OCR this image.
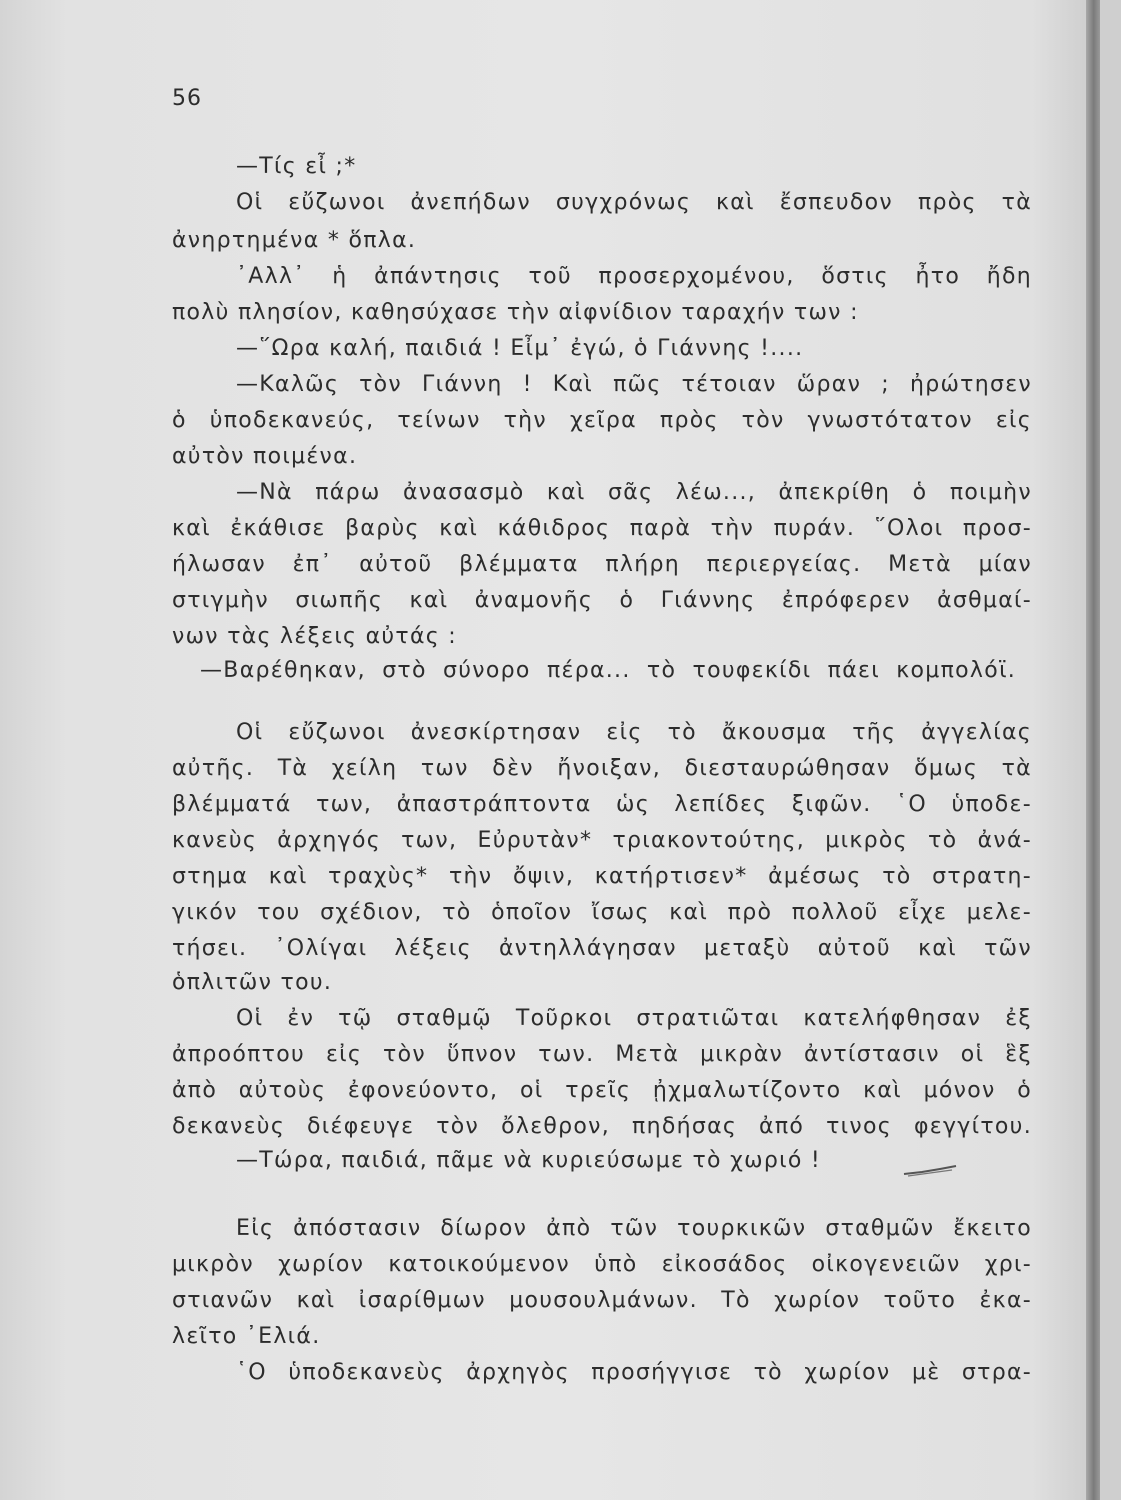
56
—Τίς εἶ ;*
Οἱ εὔζωνοι ἀνεπήδων συγχρόνως καὶ ἔσπευδον πρὸς τὰ
ἀνηρτημένα * ὅπλα.
᾽Αλλ᾽ ἡ ἀπάντησις τοῦ προσερχομένου, ὅστις ἦτο ἤδη
πολὺ πλησίον, καθησύχασε τὴν αἰφνίδιον ταραχήν των :
—῞Ωρα καλή, παιδιά ! Εἶμ᾽ ἐγώ, ὁ Γιάννης !....
—Καλῶς τὸν Γιάννη ! Καὶ πῶς τέτοιαν ὥραν ; ἠρώτησεν
ὁ ὑποδεκανεύς, τείνων τὴν χεῖρα πρὸς τὸν γνωστότατον εἰς
αὐτὸν ποιμένα.
—Νὰ πάρω ἀνασασμὸ καὶ σᾶς λέω..., ἀπεκρίθη ὁ ποιμὴν
καὶ ἐκάθισε βαρὺς καὶ κάθιδρος παρὰ τὴν πυράν. ῞Ολοι προσ-
ήλωσαν ἐπ᾽ αὐτοῦ βλέμματα πλήρη περιεργείας. Μετὰ μίαν
στιγμὴν σιωπῆς καὶ ἀναμονῆς ὁ Γιάννης ἐπρόφερεν ἀσθμαί-
νων τὰς λέξεις αὐτάς :
—Βαρέθηκαν, στὸ σύνορο πέρα... τὸ τουφεκίδι πάει κομπολόϊ.
Οἱ εὔζωνοι ἀνεσκίρτησαν εἰς τὸ ἄκουσμα τῆς ἀγγελίας
αὐτῆς. Τὰ χείλη των δὲν ἤνοιξαν, διεσταυρώθησαν ὅμως τὰ
βλέμματά των, ἀπαστράπτοντα ὡς λεπίδες ξιφῶν. ῾Ο ὑποδε-
κανεὺς ἀρχηγός των, Εὐρυτὰν* τριακοντούτης, μικρὸς τὸ ἀνά-
στημα καὶ τραχὺς* τὴν ὄψιν, κατήρτισεν* ἀμέσως τὸ στρατη-
γικόν του σχέδιον, τὸ ὁποῖον ἴσως καὶ πρὸ πολλοῦ εἶχε μελε-
τήσει. ᾽Ολίγαι λέξεις ἀντηλλάγησαν μεταξὺ αὐτοῦ καὶ τῶν
ὁπλιτῶν του.
Οἱ ἐν τῷ σταθμῷ Τοῦρκοι στρατιῶται κατελήφθησαν ἐξ
ἀπροόπτου εἰς τὸν ὕπνον των. Μετὰ μικρὰν ἀντίστασιν οἱ ἓξ
ἀπὸ αὐτοὺς ἐφονεύοντο, οἱ τρεῖς ᾐχμαλωτίζοντο καὶ μόνον ὁ
δεκανεὺς διέφευγε τὸν ὄλεθρον, πηδήσας ἀπό τινος φεγγίτου.
—Τώρα, παιδιά, πᾶμε νὰ κυριεύσωμε τὸ χωριό !
Εἰς ἀπόστασιν δίωρον ἀπὸ τῶν τουρκικῶν σταθμῶν ἔκειτο
μικρὸν χωρίον κατοικούμενον ὑπὸ εἰκοσάδος οἰκογενειῶν χρι-
στιανῶν καὶ ἰσαρίθμων μουσουλμάνων. Τὸ χωρίον τοῦτο ἐκα-
λεῖτο ᾽Ελιά.
῾Ο ὑποδεκανεὺς ἀρχηγὸς προσήγγισε τὸ χωρίον μὲ στρα-
